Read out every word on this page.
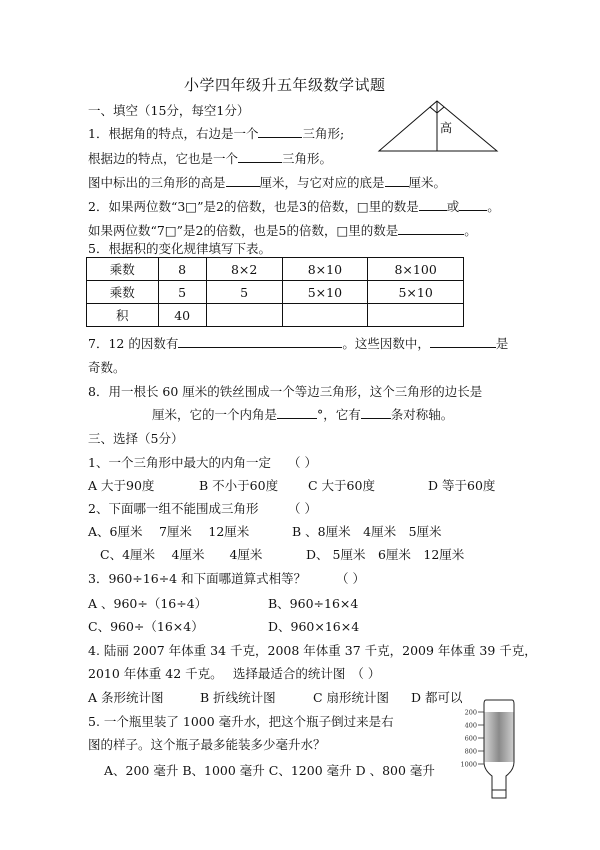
小学四年级升五年级数学试题
一、填空（15分，每空1分）
1．根据角的特点，右边是一个	三角形;
根据边的特点，它也是一个	三角形。
图中标出的三角形的高是	厘米，与它对应的底是 厘米。
高
2．如果两位数“3□”是2的倍数，也是3的倍数，□里的数是 或 。
如果两位数“7□”是2的倍数，也是5的倍数，□里的数是	。
5．根据积的变化规律填写下表。
乘数	8	8×2	8×10	8×100
乘数	5	5	5×10	5×10
积	40			
7．12 的因数有	。这些因数中，	是
奇数。
8．用一根长 60 厘米的铁丝围成一个等边三角形，这个三角形的边长是
厘米，它的一个内角是	°，它有 条对称轴。
三、选择（5分）
1、一个三角形中最大的内角一定 （ ）
A 大于90度	B 不小于60度 C 大于60度	D 等于60度
2、下面哪一组不能围成三角形 （ ）
A、6厘米　 7厘米　 12厘米	B 、8厘米　4厘米　5厘米
C、4厘米　 4厘米　　4厘米	D、 5厘米　6厘米　12厘米
3．960÷16÷4 和下面哪道算式相等？ （ ）
A 、960÷（16÷4）	B、960÷16×4
C、960÷（16×4）	D、960×16×4
4. 陆丽 2007 年体重 34 千克，2008 年体重 37 千克，2009 年体重 39 千克，
2010 年体重 42 千克。　 选择最适合的统计图 （ ）
A 条形统计图	B 折线统计图	C 扇形统计图 D 都可以
5. 一个瓶里装了 1000 毫升水，把这个瓶子倒过来是右
图的样子。这个瓶子最多能装多少毫升水？
A、200 毫升 B、1000 毫升 C、1200 毫升 D 、800 毫升
200
400
600
800
1000
